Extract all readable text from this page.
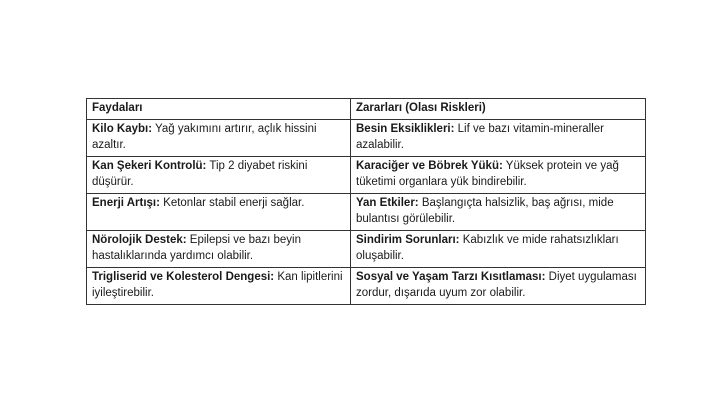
Faydaları	Zararları (Olası Riskleri)
Kilo Kaybı: Yağ yakımını artırır, açlık hissini azaltır.	Besin Eksiklikleri: Lif ve bazı vitamin-mineraller azalabilir.
Kan Şekeri Kontrolü: Tip 2 diyabet riskini düşürür.	Karaciğer ve Böbrek Yükü: Yüksek protein ve yağ tüketimi organlara yük bindirebilir.
Enerji Artışı: Ketonlar stabil enerji sağlar.	Yan Etkiler: Başlangıçta halsizlik, baş ağrısı, mide bulantısı görülebilir.
Nörolojik Destek: Epilepsi ve bazı beyin hastalıklarında yardımcı olabilir.	Sindirim Sorunları: Kabızlık ve mide rahatsızlıkları oluşabilir.
Trigliserid ve Kolesterol Dengesi: Kan lipitlerini iyileştirebilir.	Sosyal ve Yaşam Tarzı Kısıtlaması: Diyet uygulaması zordur, dışarıda uyum zor olabilir.
